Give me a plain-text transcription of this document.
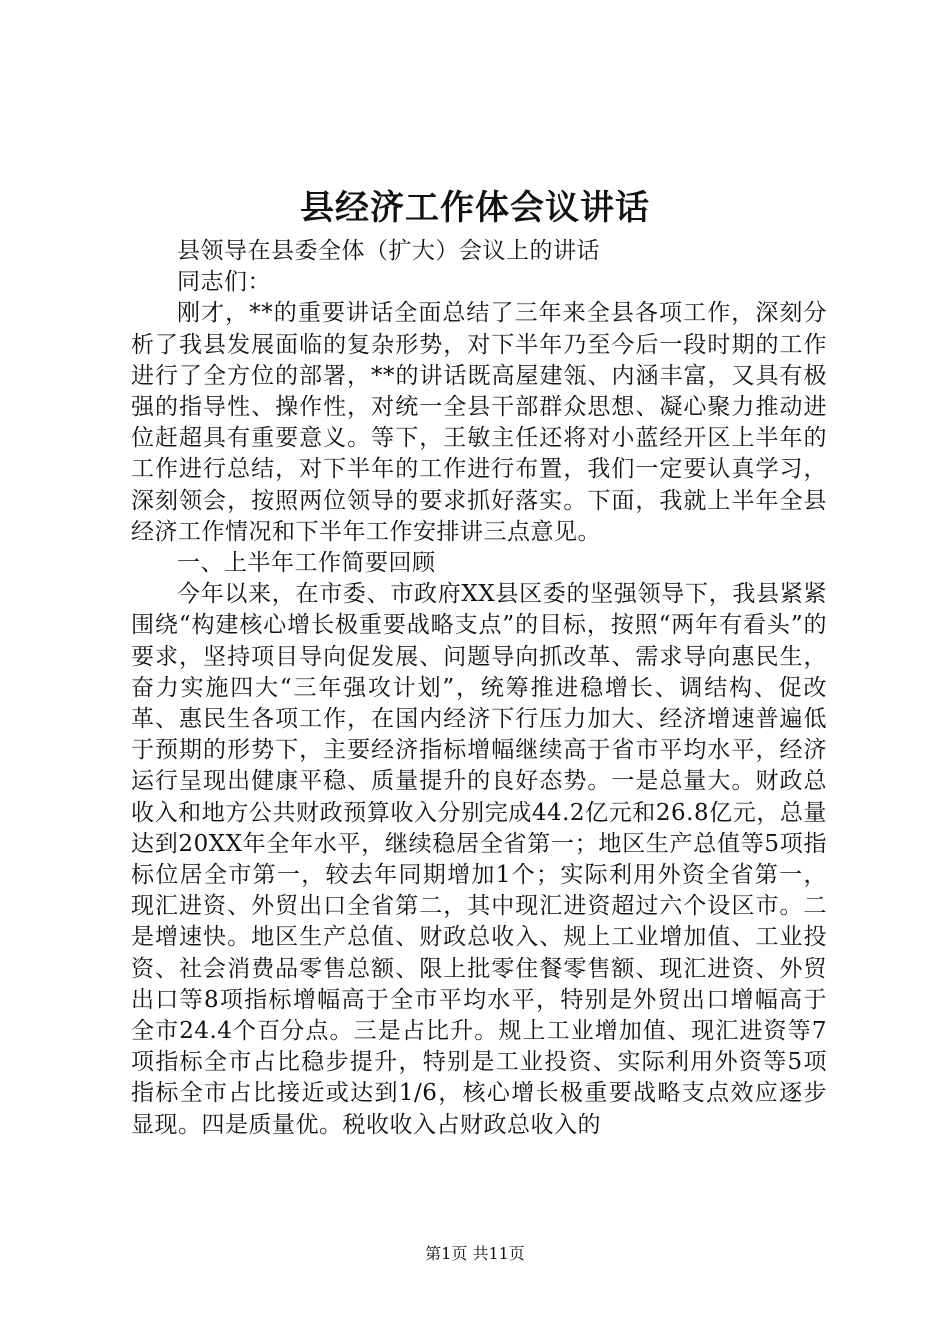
县经济工作体会议讲话

县领导在县委全体（扩大）会议上的讲话

同志们：

刚才，**的重要讲话全面总结了三年来全县各项工作，深刻分析了我县发展面临的复杂形势，对下半年乃至今后一段时期的工作进行了全方位的部署，**的讲话既高屋建瓴、内涵丰富，又具有极强的指导性、操作性，对统一全县干部群众思想、凝心聚力推动进位赶超具有重要意义。等下，王敏主任还将对小蓝经开区上半年的工作进行总结，对下半年的工作进行布置，我们一定要认真学习，深刻领会，按照两位领导的要求抓好落实。下面，我就上半年全县经济工作情况和下半年工作安排讲三点意见。

一、上半年工作简要回顾

今年以来，在市委、市政府XX县区委的坚强领导下，我县紧紧围绕“构建核心增长极重要战略支点”的目标，按照“两年有看头”的要求，坚持项目导向促发展、问题导向抓改革、需求导向惠民生，奋力实施四大“三年强攻计划”，统筹推进稳增长、调结构、促改革、惠民生各项工作，在国内经济下行压力加大、经济增速普遍低于预期的形势下，主要经济指标增幅继续高于省市平均水平，经济运行呈现出健康平稳、质量提升的良好态势。一是总量大。财政总收入和地方公共财政预算收入分别完成44.2亿元和26.8亿元，总量达到20XX年全年水平，继续稳居全省第一；地区生产总值等5项指标位居全市第一，较去年同期增加1个；实际利用外资全省第一，现汇进资、外贸出口全省第二，其中现汇进资超过六个设区市。二是增速快。地区生产总值、财政总收入、规上工业增加值、工业投资、社会消费品零售总额、限上批零住餐零售额、现汇进资、外贸出口等8项指标增幅高于全市平均水平，特别是外贸出口增幅高于全市24.4个百分点。三是占比升。规上工业增加值、现汇进资等7项指标全市占比稳步提升，特别是工业投资、实际利用外资等5项指标全市占比接近或达到1/6，核心增长极重要战略支点效应逐步显现。四是质量优。税收收入占财政总收入的

第1页 共11页
